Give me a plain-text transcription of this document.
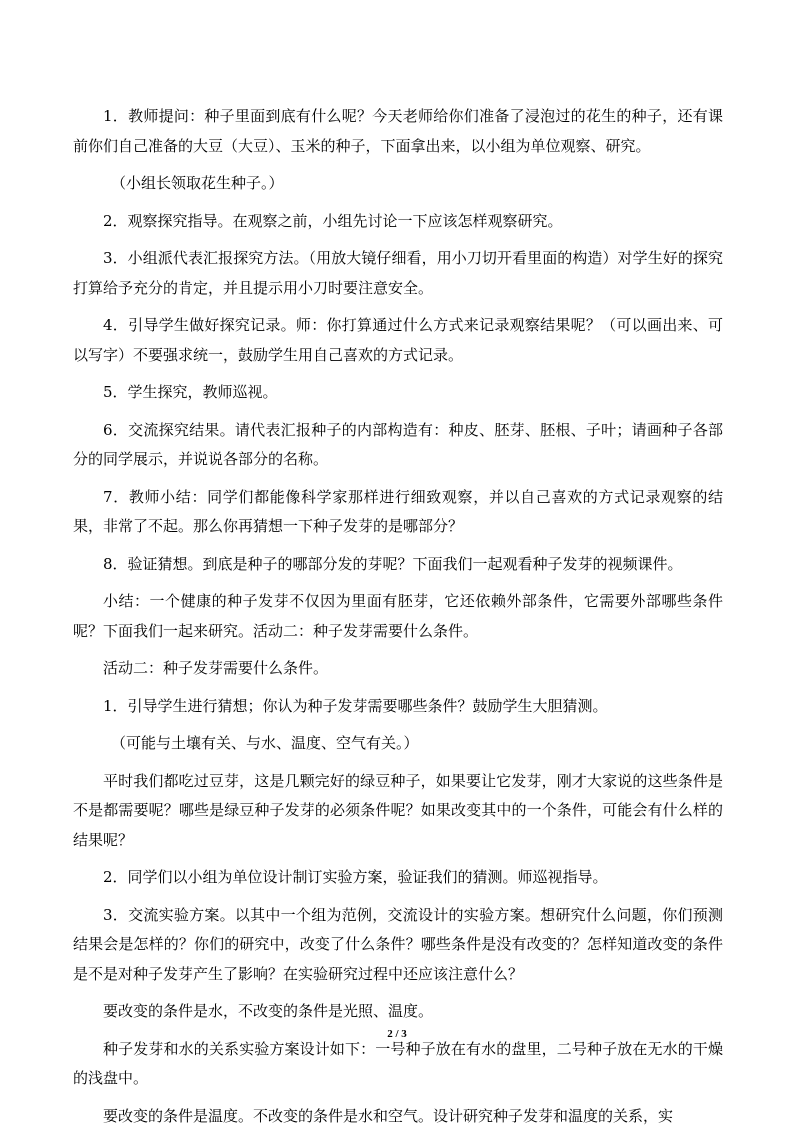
1．教师提问：种子里面到底有什么呢？今天老师给你们准备了浸泡过的花生的种子，还有课前你们自己准备的大豆（大豆）、玉米的种子，下面拿出来，以小组为单位观察、研究。

（小组长领取花生种子。）

2．观察探究指导。在观察之前，小组先讨论一下应该怎样观察研究。

3．小组派代表汇报探究方法。（用放大镜仔细看，用小刀切开看里面的构造）对学生好的探究打算给予充分的肯定，并且提示用小刀时要注意安全。

4．引导学生做好探究记录。师：你打算通过什么方式来记录观察结果呢？（可以画出来、可以写字）不要强求统一，鼓励学生用自己喜欢的方式记录。

5．学生探究，教师巡视。

6．交流探究结果。请代表汇报种子的内部构造有：种皮、胚芽、胚根、子叶；请画种子各部分的同学展示，并说说各部分的名称。

7．教师小结：同学们都能像科学家那样进行细致观察，并以自己喜欢的方式记录观察的结果，非常了不起。那么你再猜想一下种子发芽的是哪部分？

8．验证猜想。到底是种子的哪部分发的芽呢？下面我们一起观看种子发芽的视频课件。

小结：一个健康的种子发芽不仅因为里面有胚芽，它还依赖外部条件，它需要外部哪些条件呢？下面我们一起来研究。活动二：种子发芽需要什么条件。

活动二：种子发芽需要什么条件。

1．引导学生进行猜想；你认为种子发芽需要哪些条件？鼓励学生大胆猜测。

（可能与土壤有关、与水、温度、空气有关。）

平时我们都吃过豆芽，这是几颗完好的绿豆种子，如果要让它发芽，刚才大家说的这些条件是不是都需要呢？哪些是绿豆种子发芽的必须条件呢？如果改变其中的一个条件，可能会有什么样的结果呢？

2．同学们以小组为单位设计制订实验方案，验证我们的猜测。师巡视指导。

3．交流实验方案。以其中一个组为范例，交流设计的实验方案。想研究什么问题，你们预测结果会是怎样的？你们的研究中，改变了什么条件？哪些条件是没有改变的？怎样知道改变的条件是不是对种子发芽产生了影响？在实验研究过程中还应该注意什么？

要改变的条件是水，不改变的条件是光照、温度。

种子发芽和水的关系实验方案设计如下：一号种子放在有水的盘里，二号种子放在无水的干燥的浅盘中。

要改变的条件是温度。不改变的条件是水和空气。设计研究种子发芽和温度的关系，实

2 / 3
